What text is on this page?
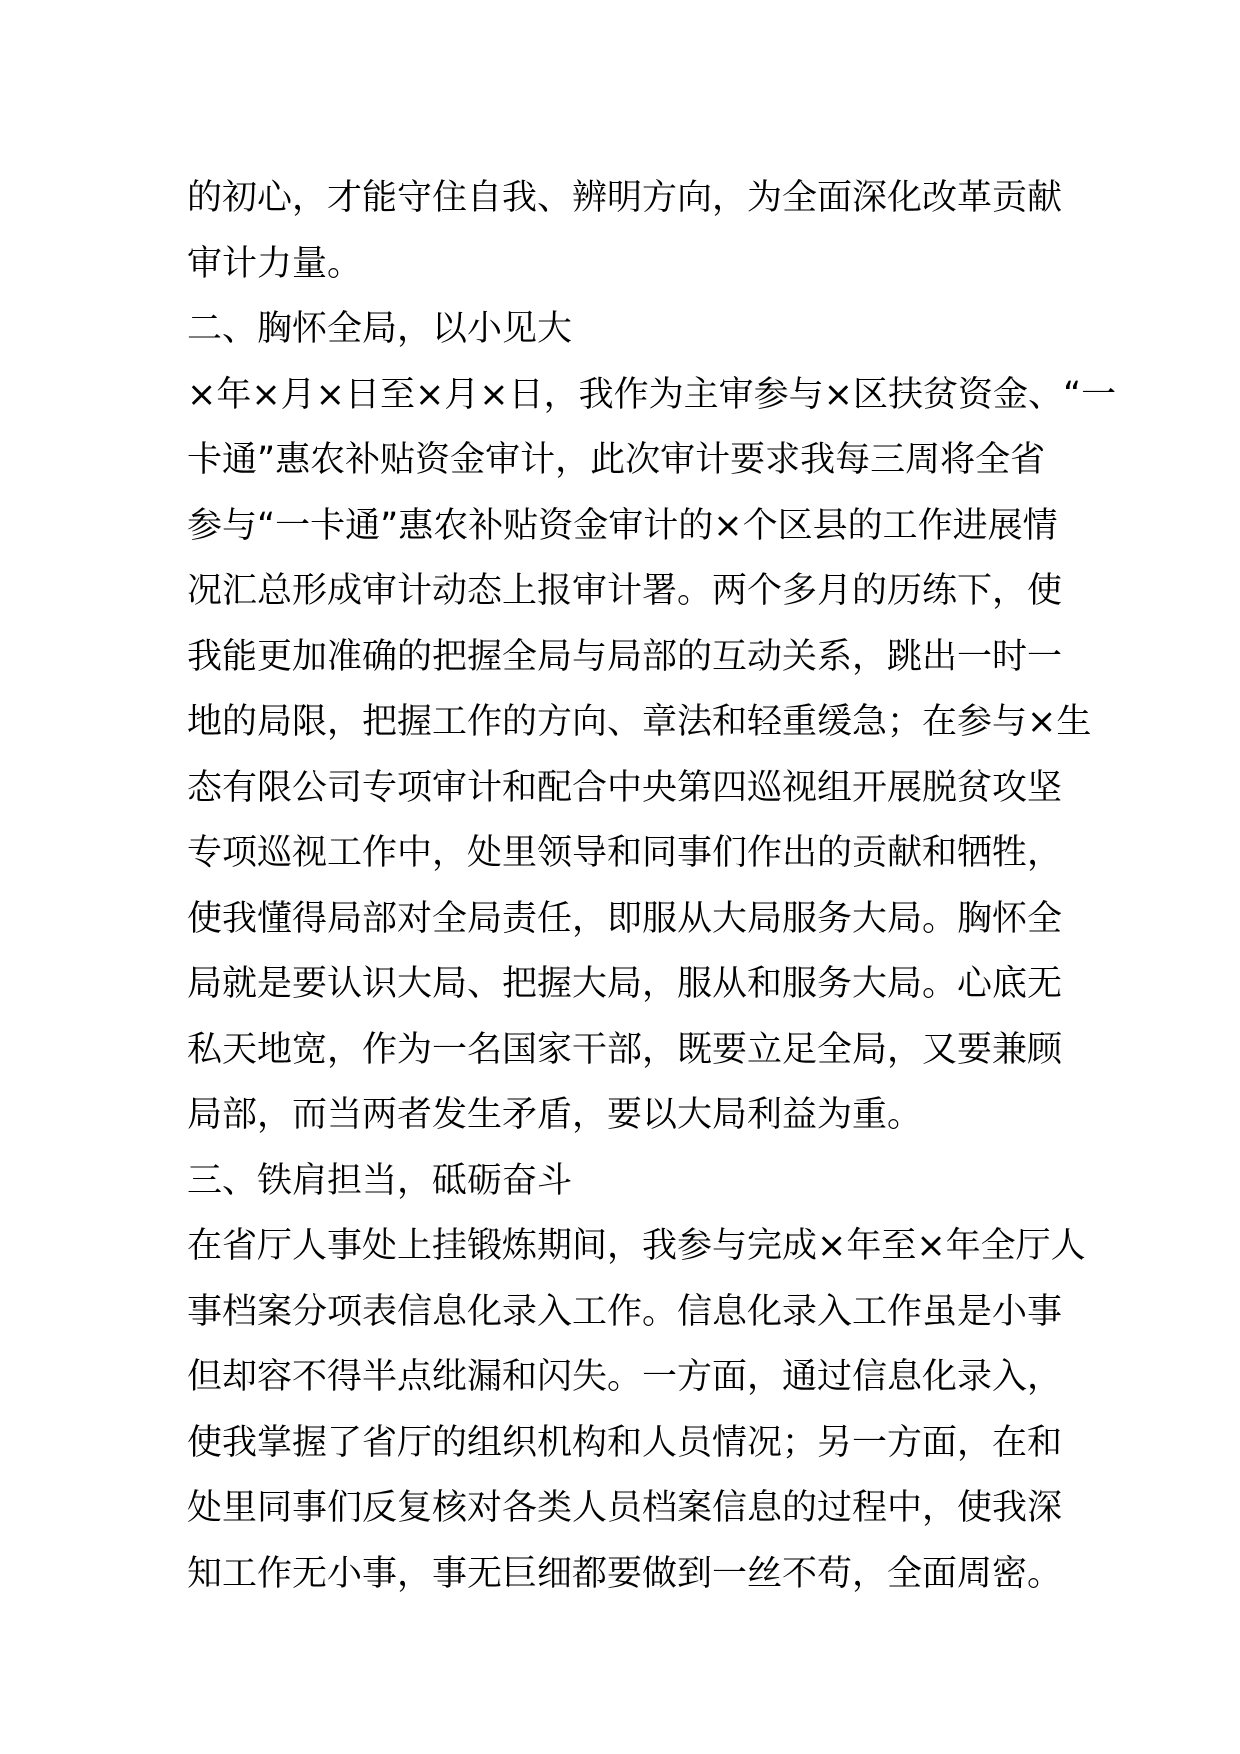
的初心，才能守住自我、辨明方向，为全面深化改革贡献
审计力量。
二、胸怀全局，以小见大
×年×月×日至×月×日，我作为主审参与×区扶贫资金、“一
卡通”惠农补贴资金审计，此次审计要求我每三周将全省
参与“一卡通”惠农补贴资金审计的×个区县的工作进展情
况汇总形成审计动态上报审计署。两个多月的历练下，使
我能更加准确的把握全局与局部的互动关系，跳出一时一
地的局限，把握工作的方向、章法和轻重缓急；在参与×生
态有限公司专项审计和配合中央第四巡视组开展脱贫攻坚
专项巡视工作中，处里领导和同事们作出的贡献和牺牲，
使我懂得局部对全局责任，即服从大局服务大局。胸怀全
局就是要认识大局、把握大局，服从和服务大局。心底无
私天地宽，作为一名国家干部，既要立足全局，又要兼顾
局部，而当两者发生矛盾，要以大局利益为重。
三、铁肩担当，砥砺奋斗
在省厅人事处上挂锻炼期间，我参与完成×年至×年全厅人
事档案分项表信息化录入工作。信息化录入工作虽是小事
但却容不得半点纰漏和闪失。一方面，通过信息化录入，
使我掌握了省厅的组织机构和人员情况；另一方面，在和
处里同事们反复核对各类人员档案信息的过程中，使我深
知工作无小事，事无巨细都要做到一丝不苟，全面周密。
